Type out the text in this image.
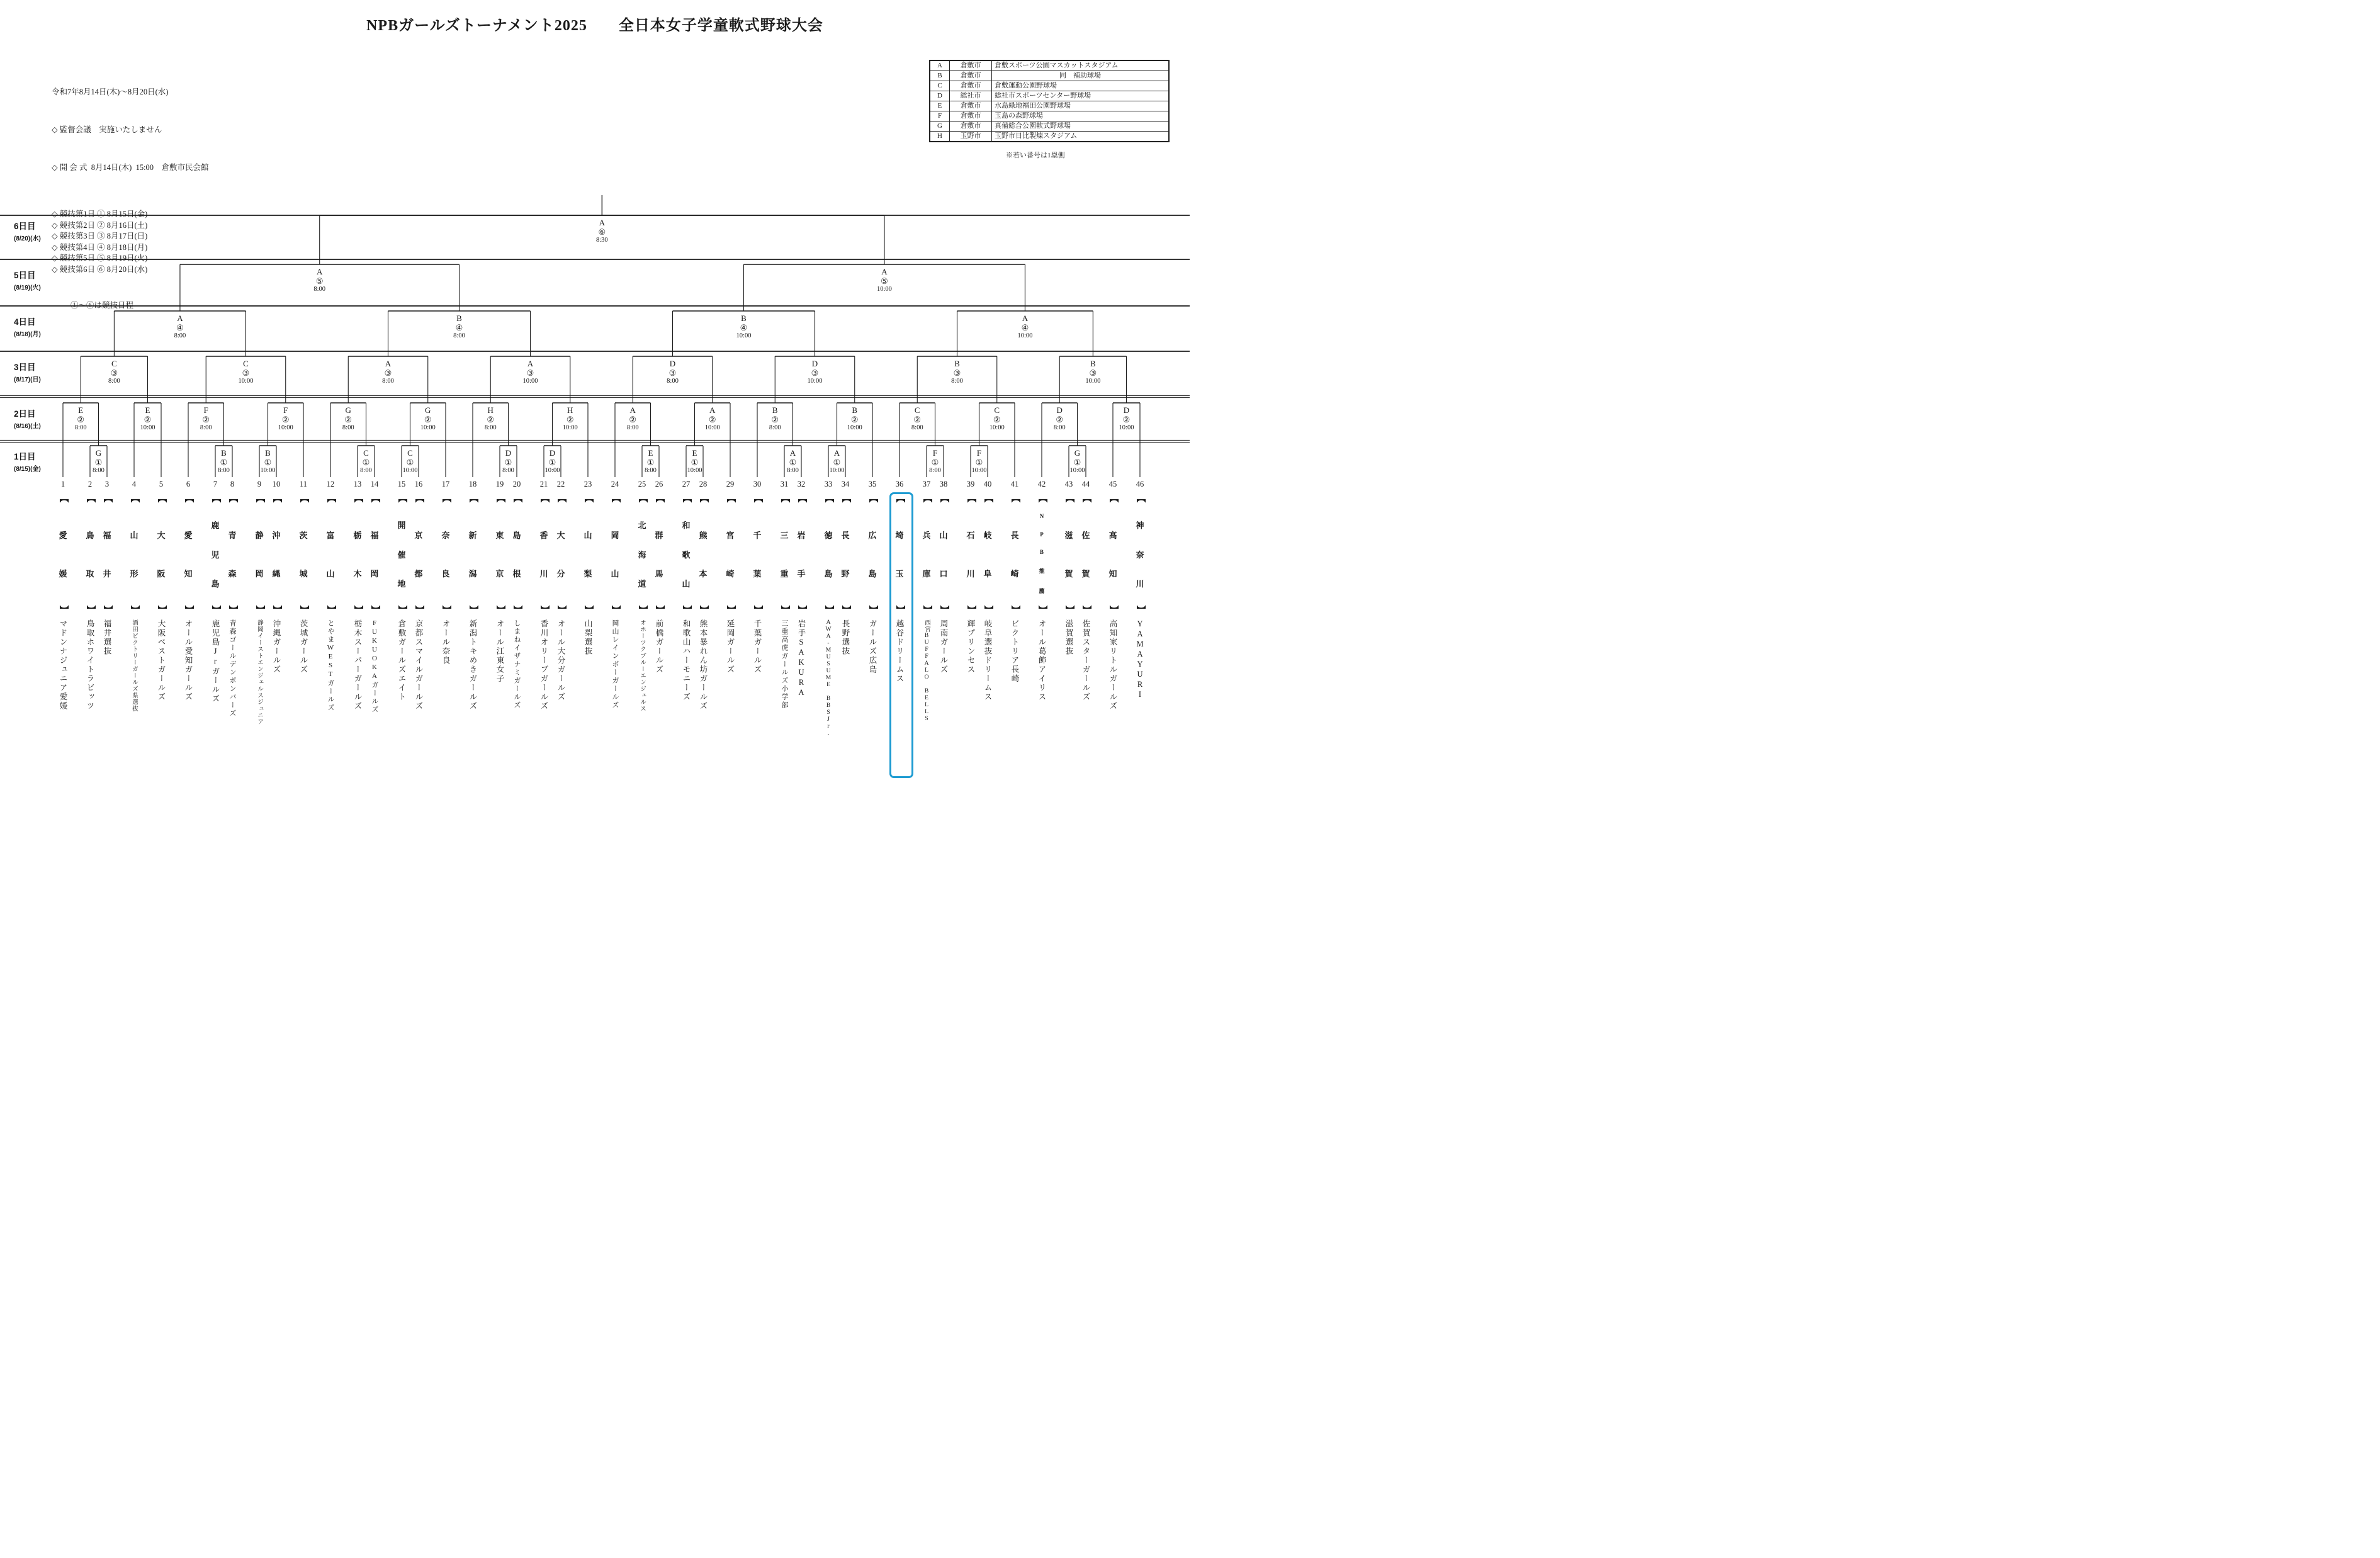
NPBガールズトーナメント2025　　全日本女子学童軟式野球大会

令和7年8月14日(木)～8月20日(水)

◇ 監督会議　実施いたしません

◇ 開 会 式  8月14日(木)  15:00　倉敷市民会館

◇ 競技第1日 ① 8月15日(金)
◇ 競技第2日 ② 8月16日(土)
◇ 競技第3日 ③ 8月17日(日)
◇ 競技第4日 ④ 8月18日(月)
◇ 競技第5日 ⑤ 8月19日(火)
◇ 競技第6日 ⑥ 8月20日(水)

①～⑥は競技日程

A	倉敷市	倉敷スポーツ公園マスカットスタジアム
B	倉敷市	同　補助球場
C	倉敷市	倉敷運動公園野球場
D	総社市	総社市スポーツセンター野球場
E	倉敷市	水島緑地福田公園野球場
F	倉敷市	玉島の森野球場
G	倉敷市	真備総合公園軟式野球場
H	玉野市	玉野市日比製煉スタジアム
※若い番号は1塁側
6日目
(8/20)(水)
5日目
(8/19)(火)
4日目
(8/18)(月)
3日目
(8/17)(日)
2日目
(8/16)(土)
1日目
(8/15)(金)
G
①
8:00
B
①
8:00
B
①
10:00
C
①
8:00
C
①
10:00
D
①
8:00
D
①
10:00
E
①
8:00
E
①
10:00
A
①
8:00
A
①
10:00
F
①
8:00
F
①
10:00
G
①
10:00
E
②
8:00
E
②
10:00
F
②
8:00
F
②
10:00
G
②
8:00
G
②
10:00
H
②
8:00
H
②
10:00
A
②
8:00
A
②
10:00
B
②
8:00
B
②
10:00
C
②
8:00
C
②
10:00
D
②
8:00
D
②
10:00
C
③
8:00
C
③
10:00
A
③
8:00
A
③
10:00
D
③
8:00
D
③
10:00
B
③
8:00
B
③
10:00
A
④
8:00
B
④
8:00
B
④
10:00
A
④
10:00
A
⑤
8:00
A
⑤
10:00
A
⑥
8:30
1
【
愛
媛
】
マドンナジュニア愛媛
2
【
鳥
取
】
鳥取ホワイトラビッツ
3
【
福
井
】
福井選抜
4
【
山
形
】
酒田ビクトリーガールズ県選抜
5
【
大
阪
】
大阪ベストガールズ
6
【
愛
知
】
オール愛知ガールズ
7
【
鹿
児
島
】
鹿児島Jrガールズ
8
【
青
森
】
青森ゴールデンボンバーズ
9
【
静
岡
】
静岡イーストエンジェルスジュニア
10
【
沖
縄
】
沖縄ガールズ
11
【
茨
城
】
茨城ガールズ
12
【
富
山
】
とやまWESTガールズ
13
【
栃
木
】
栃木スーパーガールズ
14
【
福
岡
】
FUKUOKAガールズ
15
【
開
催
地
】
倉敷ガールズエイト
16
【
京
都
】
京都スマイルガールズ
17
【
奈
良
】
オール奈良
18
【
新
潟
】
新潟トキめきガールズ
19
【
東
京
】
オール江東女子
20
【
島
根
】
しまねイザナミガールズ
21
【
香
川
】
香川オリーブガールズ
22
【
大
分
】
オール大分ガールズ
23
【
山
梨
】
山梨選抜
24
【
岡
山
】
岡山レインボーガールズ
25
【
北
海
道
】
オホーツクブルーエンジェルス
26
【
群
馬
】
前橋ガールズ
27
【
和
歌
山
】
和歌山ハーモニーズ
28
【
熊
本
】
熊本暴れん坊ガールズ
29
【
宮
崎
】
延岡ガールズ
30
【
千
葉
】
千葉ガールズ
31
【
三
重
】
三重高虎ガールズ小学部
32
【
岩
手
】
岩手SAKURA
33
【
徳
島
】
AWA-MUSUME BBSJr.
34
【
長
野
】
長野選抜
35
【
広
島
】
ガールズ広島
36
【
埼
玉
】
越谷ドリームス
37
【
兵
庫
】
西宮BUFFALO BELLS
38
【
山
口
】
周南ガールズ
39
【
石
川
】
輝プリンセス
40
【
岐
阜
】
岐阜選抜ドリームス
41
【
長
崎
】
ビクトリア長崎
42
【
N
P
B
推
薦
】
オール葛飾アイリス
43
【
滋
賀
】
滋賀選抜
44
【
佐
賀
】
佐賀スターガールズ
45
【
高
知
】
高知家リトルガールズ
46
【
神
奈
川
】
YAMAYURI
